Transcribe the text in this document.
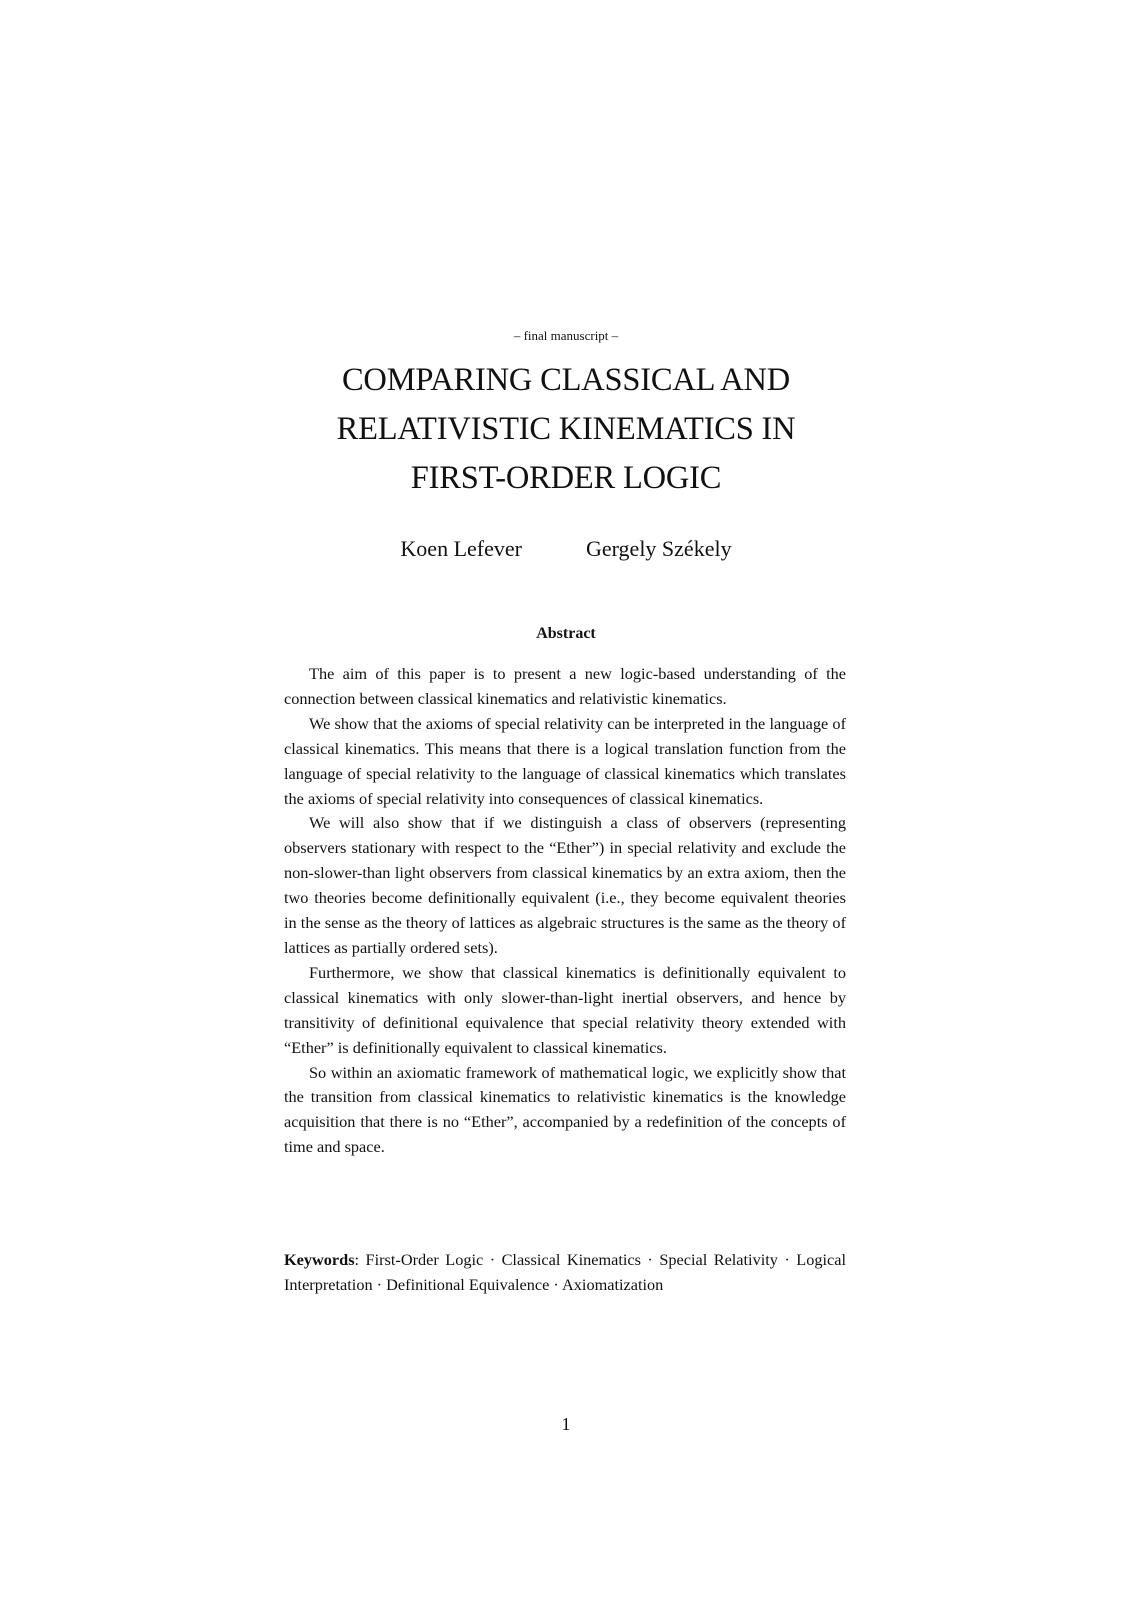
– final manuscript –
COMPARING CLASSICAL AND
RELATIVISTIC KINEMATICS IN
FIRST-ORDER LOGIC
Koen Lefever	Gergely Székely
Abstract

The aim of this paper is to present a new logic-based understanding of the connection between classical kinematics and relativistic kinematics.

We show that the axioms of special relativity can be interpreted in the language of classical kinematics. This means that there is a logical translation function from the language of special relativity to the language of classical kinematics which translates the axioms of special relativity into consequences of classical kinematics.

We will also show that if we distinguish a class of observers (representing observers stationary with respect to the “Ether”) in special relativity and exclude the non-slower-than light observers from classical kinematics by an extra axiom, then the two theories become definitionally equivalent (i.e., they become equivalent theories in the sense as the theory of lattices as algebraic structures is the same as the theory of lattices as partially ordered sets).

Furthermore, we show that classical kinematics is definitionally equivalent to classical kinematics with only slower-than-light inertial observers, and hence by transitivity of definitional equivalence that special relativity theory extended with “Ether” is definitionally equivalent to classical kinematics.

So within an axiomatic framework of mathematical logic, we explicitly show that the transition from classical kinematics to relativistic kinematics is the knowledge acquisition that there is no “Ether”, accompanied by a redefinition of the concepts of time and space.

Keywords: First-Order Logic · Classical Kinematics · Special Relativity · Logical Interpretation · Definitional Equivalence · Axiomatization
1
